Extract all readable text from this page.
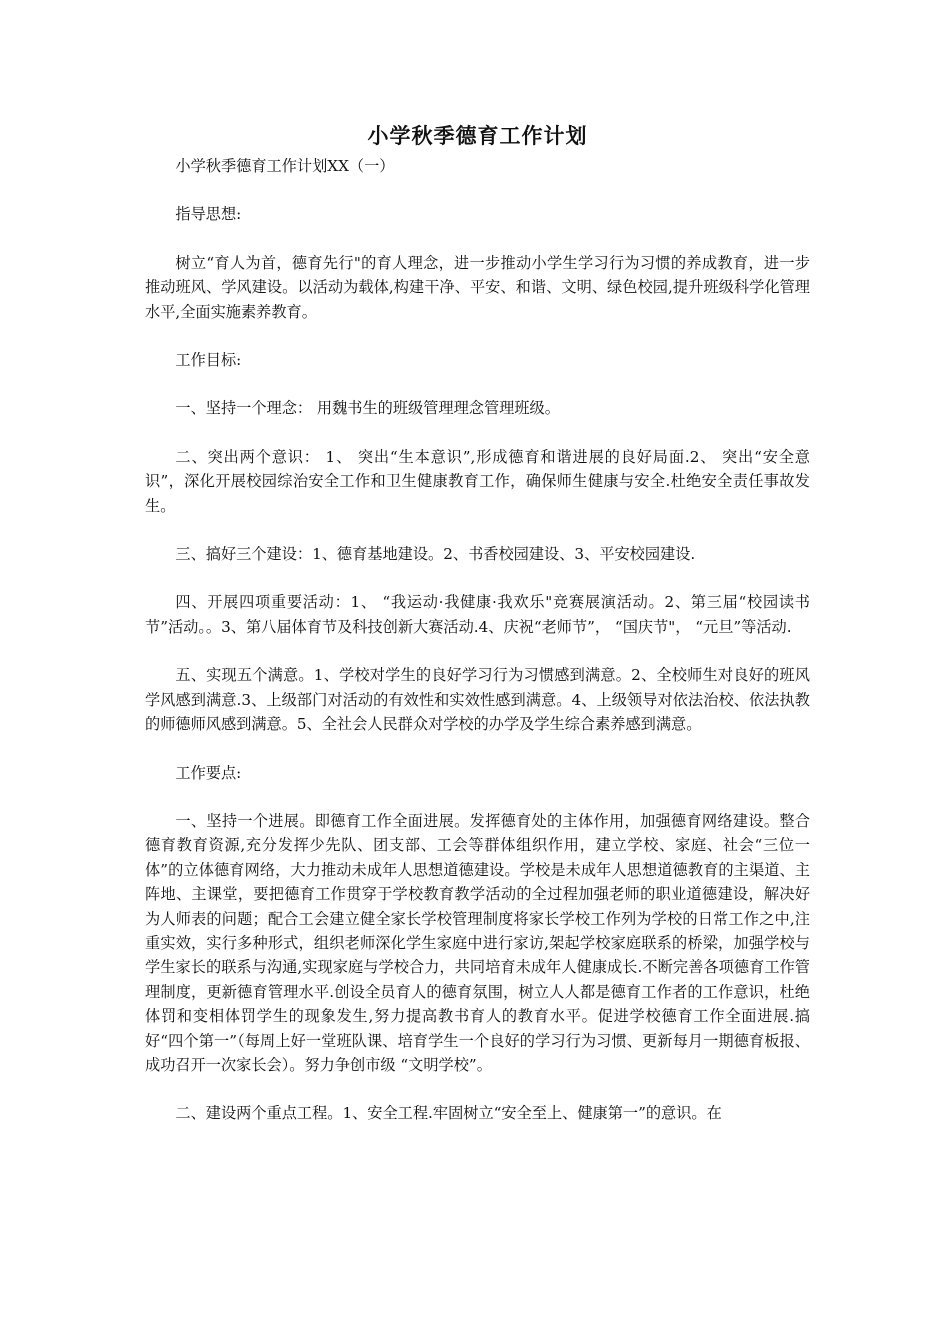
小学秋季德育工作计划

小学秋季德育工作计划XX（一）

指导思想:

树立“育人为首，德育先行"的育人理念，进一步推动小学生学习行为习惯的养成教育，进一步推动班风、学风建设。以活动为载体,构建干净、平安、和谐、文明、绿色校园,提升班级科学化管理水平,全面实施素养教育。

工作目标:

一、坚持一个理念： 用魏书生的班级管理理念管理班级。

二、突出两个意识： 1、 突出“生本意识”,形成德育和谐进展的良好局面.2、 突出“安全意识”，深化开展校园综治安全工作和卫生健康教育工作，确保师生健康与安全.杜绝安全责任事故发生。

三、搞好三个建设：1、德育基地建设。2、书香校园建设、3、平安校园建设.

四、开展四项重要活动：1、 “我运动·我健康·我欢乐"竞赛展演活动。2、第三届“校园读书节”活动。。3、第八届体育节及科技创新大赛活动.4、庆祝“老师节”， “国庆节"， “元旦”等活动.

五、实现五个满意。1、学校对学生的良好学习行为习惯感到满意。2、全校师生对良好的班风学风感到满意.3、上级部门对活动的有效性和实效性感到满意。4、上级领导对依法治校、依法执教的师德师风感到满意。5、全社会人民群众对学校的办学及学生综合素养感到满意。

工作要点:

一、坚持一个进展。即德育工作全面进展。发挥德育处的主体作用，加强德育网络建设。整合德育教育资源,充分发挥少先队、团支部、工会等群体组织作用，建立学校、家庭、社会“三位一体”的立体德育网络，大力推动未成年人思想道德建设。学校是未成年人思想道德教育的主渠道、主阵地、主课堂，要把德育工作贯穿于学校教育教学活动的全过程加强老师的职业道德建设，解决好为人师表的问题；配合工会建立健全家长学校管理制度将家长学校工作列为学校的日常工作之中,注重实效，实行多种形式，组织老师深化学生家庭中进行家访,架起学校家庭联系的桥梁，加强学校与学生家长的联系与沟通,实现家庭与学校合力，共同培育未成年人健康成长.不断完善各项德育工作管理制度，更新德育管理水平.创设全员育人的德育氛围，树立人人都是德育工作者的工作意识，杜绝体罚和变相体罚学生的现象发生,努力提高教书育人的教育水平。促进学校德育工作全面进展.搞好“四个第一”（每周上好一堂班队课、培育学生一个良好的学习行为习惯、更新每月一期德育板报、成功召开一次家长会）。努力争创市级 “文明学校”。

二、建设两个重点工程。1、安全工程.牢固树立“安全至上、健康第一”的意识。在
